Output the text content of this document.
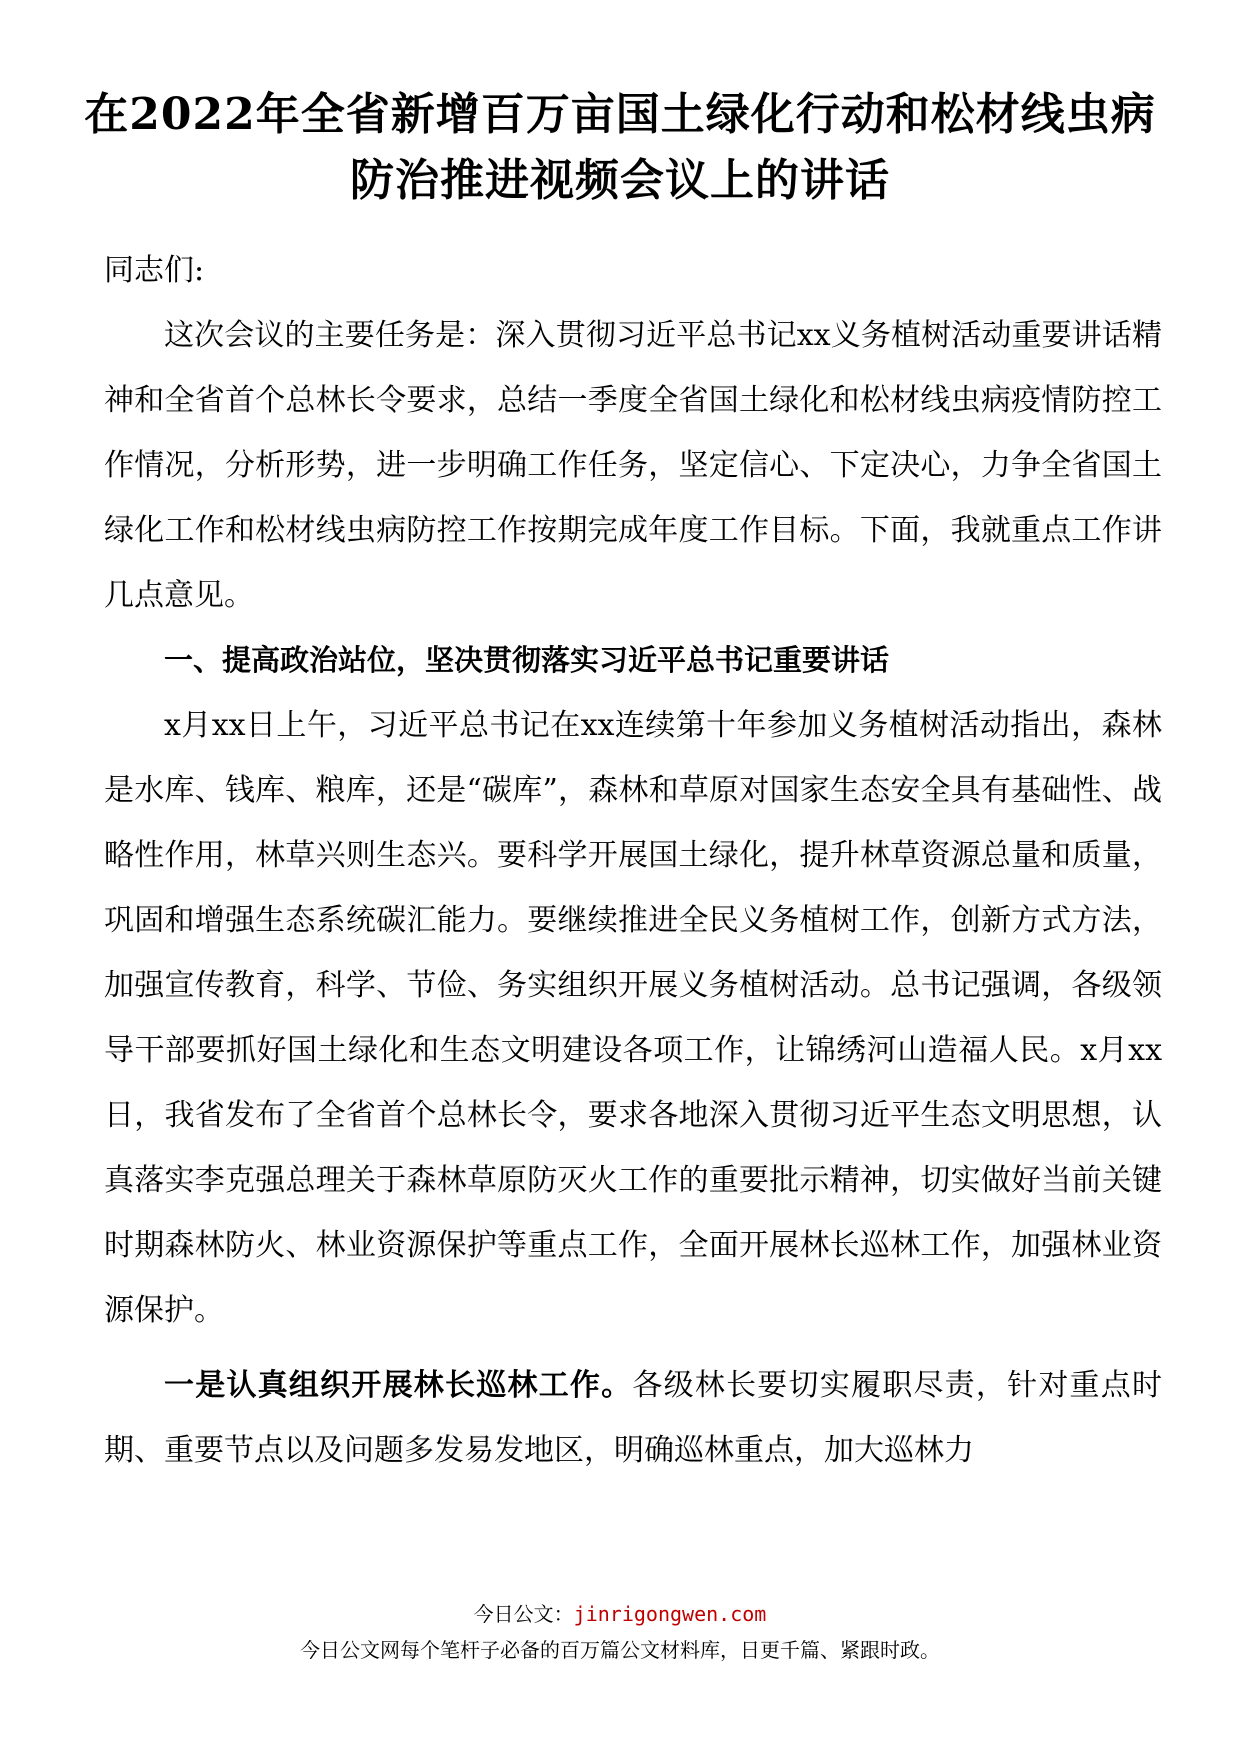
在2022年全省新增百万亩国土绿化行动和松材线虫病
防治推进视频会议上的讲话

同志们:

这次会议的主要任务是：深入贯彻习近平总书记xx义务植树活动重要讲话精神和全省首个总林长令要求，总结一季度全省国土绿化和松材线虫病疫情防控工作情况，分析形势，进一步明确工作任务，坚定信心、下定决心，力争全省国土绿化工作和松材线虫病防控工作按期完成年度工作目标。下面，我就重点工作讲几点意见。

一、提高政治站位，坚决贯彻落实习近平总书记重要讲话

x月xx日上午，习近平总书记在xx连续第十年参加义务植树活动指出，森林是水库、钱库、粮库，还是“碳库”，森林和草原对国家生态安全具有基础性、战略性作用，林草兴则生态兴。要科学开展国土绿化，提升林草资源总量和质量，巩固和增强生态系统碳汇能力。要继续推进全民义务植树工作，创新方式方法，加强宣传教育，科学、节俭、务实组织开展义务植树活动。总书记强调，各级领导干部要抓好国土绿化和生态文明建设各项工作，让锦绣河山造福人民。x月xx日，我省发布了全省首个总林长令，要求各地深入贯彻习近平生态文明思想，认真落实李克强总理关于森林草原防灭火工作的重要批示精神，切实做好当前关键时期森林防火、林业资源保护等重点工作，全面开展林长巡林工作，加强林业资源保护。

一是认真组织开展林长巡林工作。各级林长要切实履职尽责，针对重点时期、重要节点以及问题多发易发地区，明确巡林重点，加大巡林力

今日公文：jinrigongwen.com
今日公文网每个笔杆子必备的百万篇公文材料库，日更千篇、紧跟时政。
